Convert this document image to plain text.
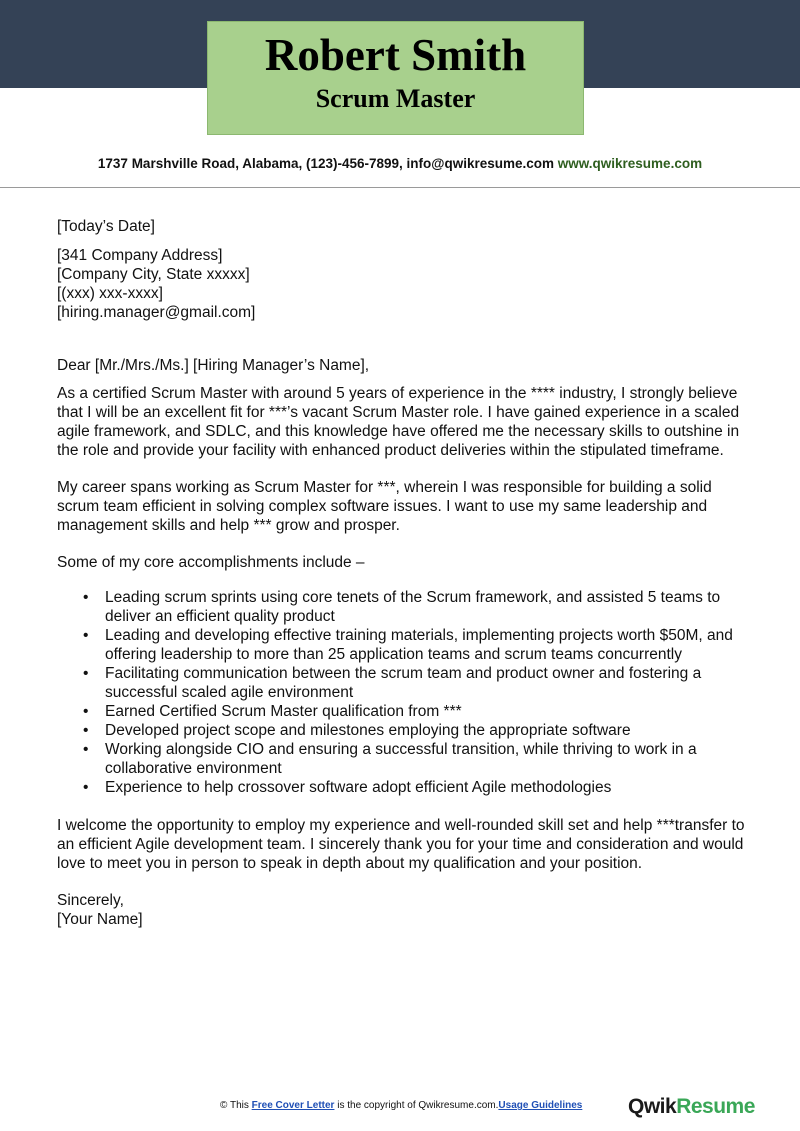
Robert Smith
Scrum Master
1737 Marshville Road, Alabama, (123)-456-7899, info@qwikresume.com www.qwikresume.com

[Today’s Date]

[341 Company Address]

[Company City, State xxxxx]

[(xxx) xxx-xxxx]

[hiring.manager@gmail.com]

Dear [Mr./Mrs./Ms.] [Hiring Manager’s Name],

As a certified Scrum Master with around 5 years of experience in the **** industry, I strongly believe that I will be an excellent fit for ***’s vacant Scrum Master role. I have gained experience in a scaled agile framework, and SDLC, and this knowledge have offered me the necessary skills to outshine in the role and provide your facility with enhanced product deliveries within the stipulated timeframe.

My career spans working as Scrum Master for ***, wherein I was responsible for building a solid scrum team efficient in solving complex software issues. I want to use my same leadership and management skills and help *** grow and prosper.

Some of my core accomplishments include –

• Leading scrum sprints using core tenets of the Scrum framework, and assisted 5 teams to deliver an efficient quality product
• Leading and developing effective training materials, implementing projects worth $50M, and offering leadership to more than 25 application teams and scrum teams concurrently
• Facilitating communication between the scrum team and product owner and fostering a successful scaled agile environment
• Earned Certified Scrum Master qualification from ***
• Developed project scope and milestones employing the appropriate software
• Working alongside CIO and ensuring a successful transition, while thriving to work in a collaborative environment
• Experience to help crossover software adopt efficient Agile methodologies

I welcome the opportunity to employ my experience and well-rounded skill set and help ***transfer to an efficient Agile development team. I sincerely thank you for your time and consideration and would love to meet you in person to speak in depth about my qualification and your position.

Sincerely,

[Your Name]

© This Free Cover Letter is the copyright of Qwikresume.com.Usage Guidelines QwikResume
